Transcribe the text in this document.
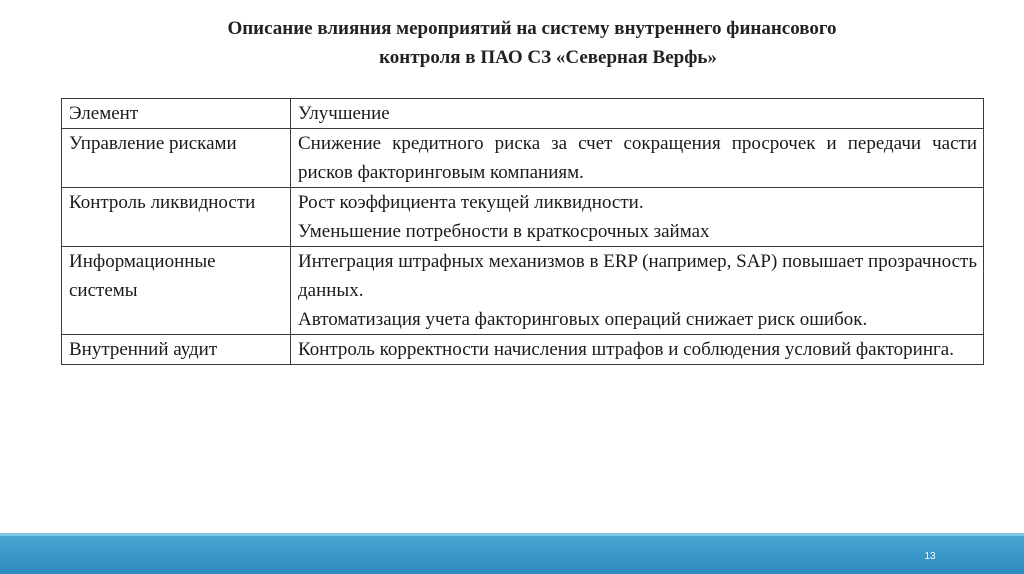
Описание влияния мероприятий на систему внутреннего финансового
контроля в ПАО СЗ «Северная Верфь»
Элемент	Улучшение
Управление рисками	Снижение кредитного риска за счет сокращения просрочек и передачи части рисков факторинговым компаниям.

Контроль ликвидности	Рост коэффициента текущей ликвидности.
Уменьшение потребности в краткосрочных займах

Информационные системы	Интеграция штрафных механизмов в ERP (например, SAP) повышает прозрачность данных.
Автоматизация учета факторинговых операций снижает риск ошибок.

Внутренний аудит	Контроль корректности начисления штрафов и соблюдения условий факторинга.
13
